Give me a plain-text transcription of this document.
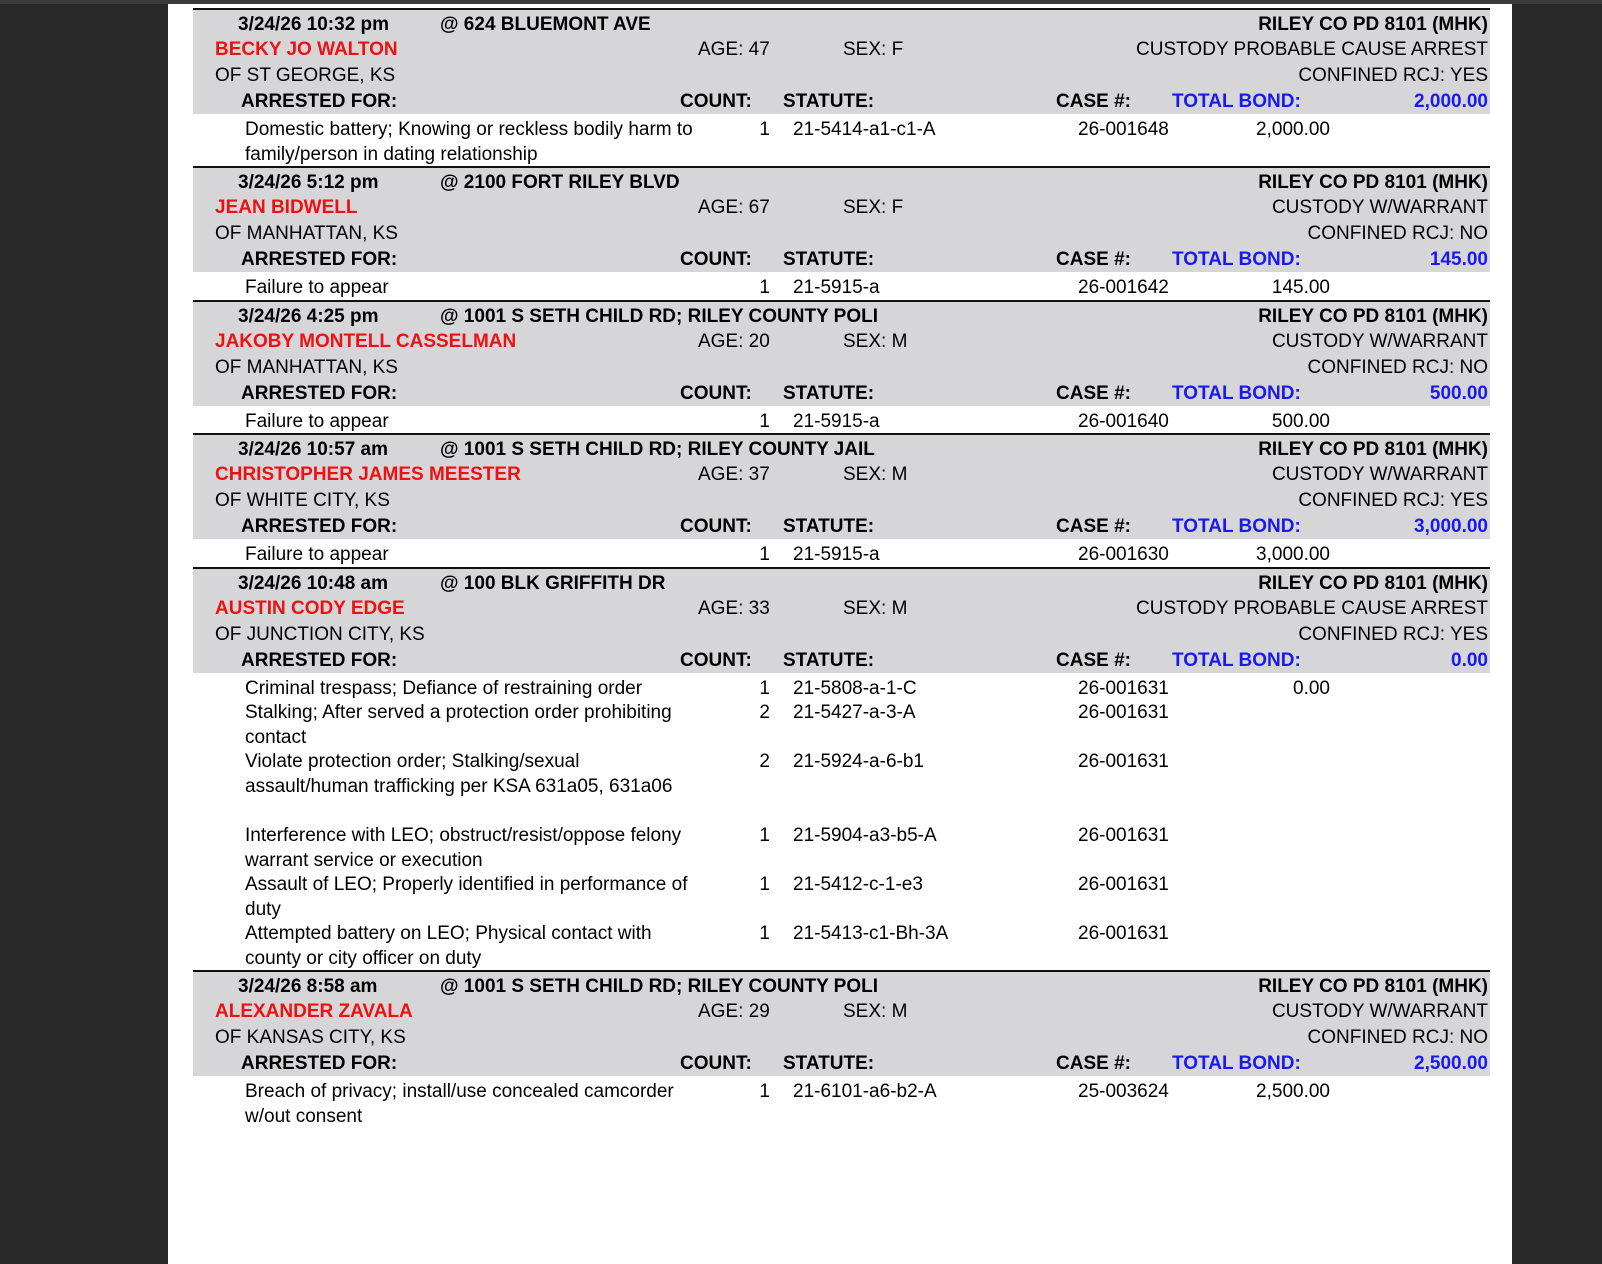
3/24/26 10:32 pm	@ 624 BLUEMONT AVE	RILEY CO PD 8101 (MHK)
BECKY JO WALTON	AGE: 47	SEX: F	CUSTODY PROBABLE CAUSE ARREST
OF ST GEORGE, KS	CONFINED RCJ: YES
ARRESTED FOR:	COUNT: STATUTE:	CASE #: TOTAL BOND:	2,000.00
Domestic battery; Knowing or reckless bodily harm to family/person in dating relationship
1 21-5414-a1-c1-A	26-001648	2,000.00
3/24/26 5:12 pm	@ 2100 FORT RILEY BLVD	RILEY CO PD 8101 (MHK)
JEAN BIDWELL	AGE: 67	SEX: F	CUSTODY W/WARRANT
OF MANHATTAN, KS	CONFINED RCJ: NO
ARRESTED FOR:	COUNT: STATUTE:	CASE #: TOTAL BOND:	145.00
Failure to appear	1 21-5915-a	26-001642	145.00
3/24/26 4:25 pm	@ 1001 S SETH CHILD RD; RILEY COUNTY POLI	RILEY CO PD 8101 (MHK)
JAKOBY MONTELL CASSELMAN	AGE: 20	SEX: M	CUSTODY W/WARRANT
OF MANHATTAN, KS	CONFINED RCJ: NO
ARRESTED FOR:	COUNT: STATUTE:	CASE #: TOTAL BOND:	500.00
Failure to appear	1 21-5915-a	26-001640	500.00
3/24/26 10:57 am	@ 1001 S SETH CHILD RD; RILEY COUNTY JAIL	RILEY CO PD 8101 (MHK)
CHRISTOPHER JAMES MEESTER	AGE: 37	SEX: M	CUSTODY W/WARRANT
OF WHITE CITY, KS	CONFINED RCJ: YES
ARRESTED FOR:	COUNT: STATUTE:	CASE #: TOTAL BOND:	3,000.00
Failure to appear	1 21-5915-a	26-001630	3,000.00
3/24/26 10:48 am	@ 100 BLK GRIFFITH DR	RILEY CO PD 8101 (MHK)
AUSTIN CODY EDGE	AGE: 33	SEX: M	CUSTODY PROBABLE CAUSE ARREST
OF JUNCTION CITY, KS	CONFINED RCJ: YES
ARRESTED FOR:	COUNT: STATUTE:	CASE #: TOTAL BOND:	0.00
Criminal trespass; Defiance of restraining order	1 21-5808-a-1-C	26-001631	0.00
Stalking; After served a protection order prohibiting contact
2 21-5427-a-3-A	26-001631
Violate protection order; Stalking/sexual assault/human trafficking per KSA 631a05, 631a06
2 21-5924-a-6-b1	26-001631
Interference with LEO; obstruct/resist/oppose felony warrant service or execution
1 21-5904-a3-b5-A	26-001631
Assault of LEO; Properly identified in performance of duty
1 21-5412-c-1-e3	26-001631
Attempted battery on LEO; Physical contact with county or city officer on duty
1 21-5413-c1-Bh-3A	26-001631
3/24/26 8:58 am	@ 1001 S SETH CHILD RD; RILEY COUNTY POLI	RILEY CO PD 8101 (MHK)
ALEXANDER ZAVALA	AGE: 29	SEX: M	CUSTODY W/WARRANT
OF KANSAS CITY, KS	CONFINED RCJ: NO
ARRESTED FOR:	COUNT: STATUTE:	CASE #: TOTAL BOND:	2,500.00
Breach of privacy; install/use concealed camcorder w/out consent
1 21-6101-a6-b2-A	25-003624	2,500.00
